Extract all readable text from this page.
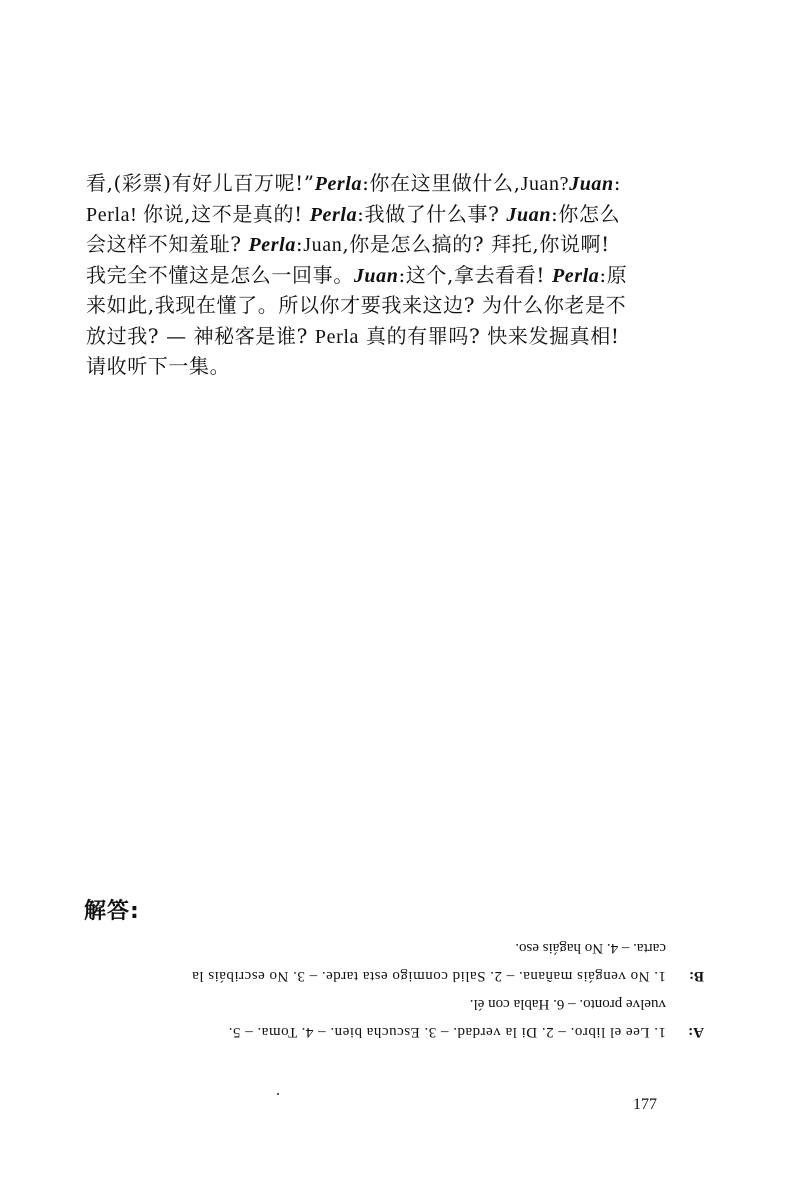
看,(彩票)有好儿百万呢!”Perla:你在这里做什么,Juan?Juan:
Perla! 你说,这不是真的! Perla:我做了什么事? Juan:你怎么
会这样不知羞耻? Perla:Juan,你是怎么搞的? 拜托,你说啊!
我完全不懂这是怎么一回事。Juan:这个,拿去看看! Perla:原
来如此,我现在懂了。所以你才要我来这边? 为什么你老是不
放过我? — 神秘客是谁? Perla 真的有罪吗? 快来发掘真相!
请收听下一集。
解答:
A:
1. Lee el libro. – 2. Di la verdad. – 3. Escucha bien. – 4. Toma. – 5.
vuelve pronto. – 6. Habla con él.
B:
1. No vengáis mañana. – 2. Salid conmigo esta tarde. – 3. No escribáis la
carta. – 4. No hagáis eso.
177
